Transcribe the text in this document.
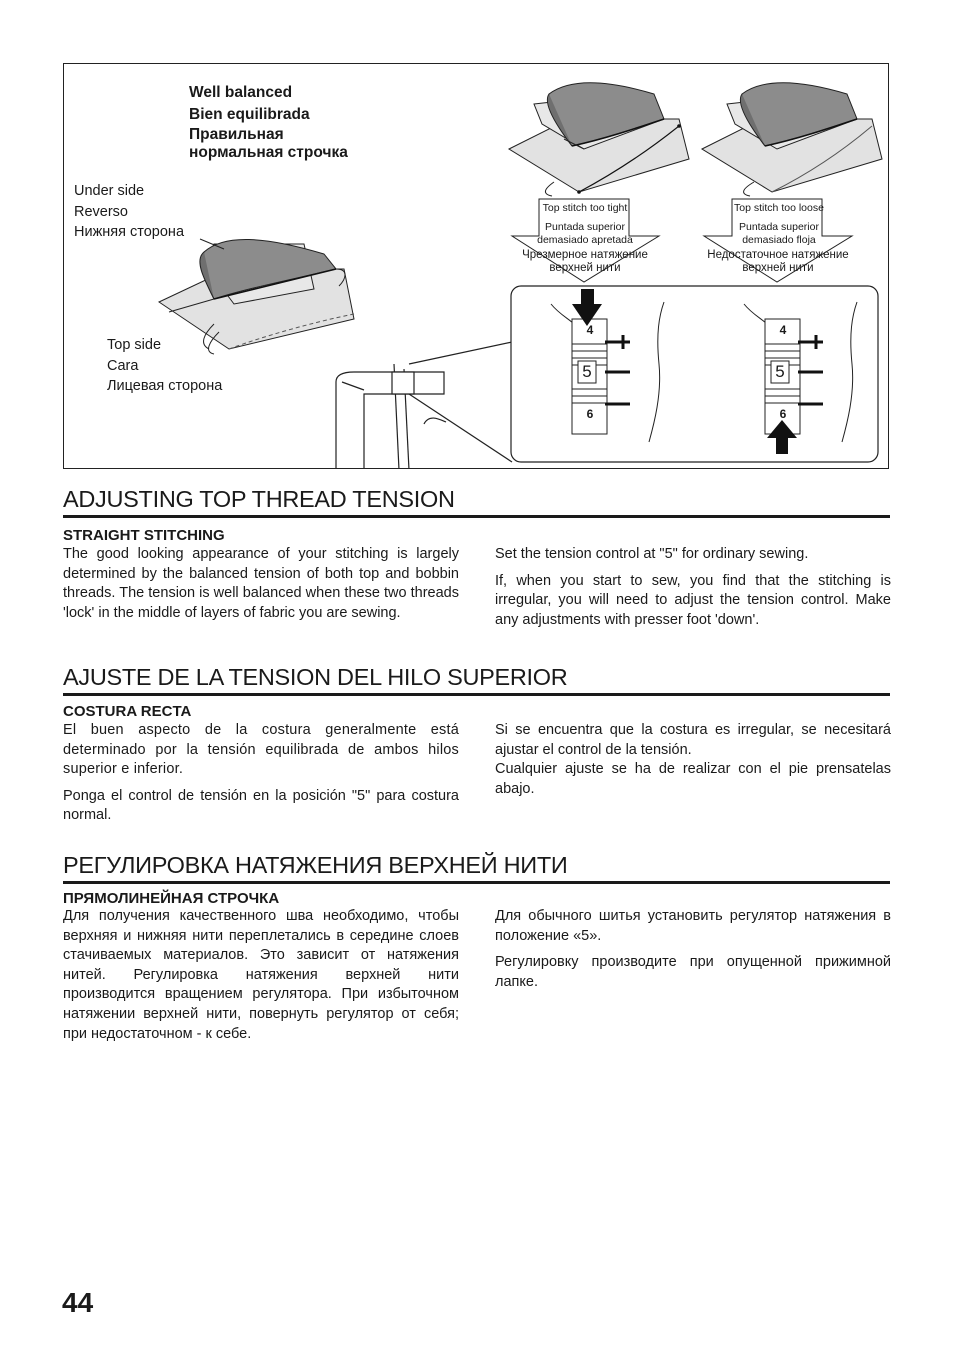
Well balanced
Bien equilibrada
Правильная
нормальная строчка
Under side
Reverso
Нижняя сторона
Top side
Cara
Лицевая сторона
Top stitch too tight
Puntada superior demasiado apretada
Чрезмерное натяжение верхней нити
Top stitch too loose
Puntada superior demasiado floja
Недостаточное натяжение верхней нити
4
5
6
4
5
6
ADJUSTING TOP THREAD TENSION
STRAIGHT STITCHING

The good looking appearance of your stitching is largely determined by the balanced tension of both top and bobbin threads. The tension is well balanced when these two threads 'lock' in the middle of layers of fabric you are sewing.

Set the tension control at "5" for ordinary sewing.

If, when you start to sew, you find that the stitching is irregular, you will need to adjust the tension control. Make any adjustments with presser foot 'down'.

AJUSTE DE LA TENSION DEL HILO SUPERIOR
COSTURA RECTA

El buen aspecto de la costura generalmente está determinado por la tensión equilibrada de ambos hilos superior e inferior.

Ponga el control de tensión en la posición "5" para costura normal.

Si se encuentra que la costura es irregular, se necesitará ajustar el control de la tensión.

Cualquier ajuste se ha de realizar con el pie prensatelas abajo.

РЕГУЛИРОВКА НАТЯЖЕНИЯ ВЕРХНЕЙ НИТИ
ПРЯМОЛИНЕЙНАЯ СТРОЧКА

Для получения качественного шва необходимо, чтобы верхняя и нижняя нити переплетались в середине слоев стачиваемых материалов. Это зависит от натяжения нитей. Регулировка натяжения верхней нити производится вращением регулятора. При избыточном натяжении верхней нити, повернуть регулятор от себя; при недостаточном - к себе.

Для обычного шитья установить регулятор натяжения в положение «5».

Регулировку производите при опущенной прижимной лапке.

44
